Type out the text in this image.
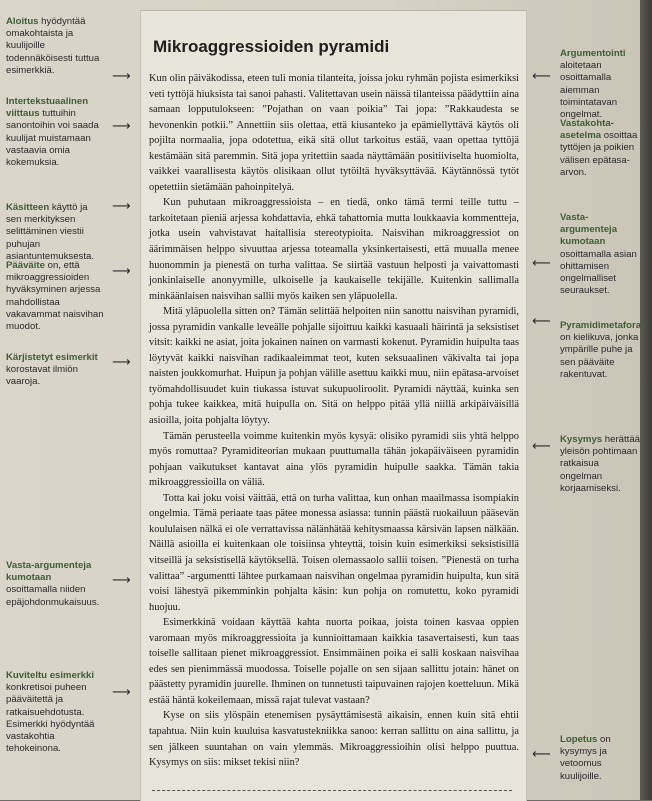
Aloitus hyödyntää omakohtaista ja kuulijoille todennäköisesti tuttua esimerkkiä.
Intertekstuaalinen viittaus tuttuihin sanontoihin voi saada kuulijat muistamaan vastaavia omia kokemuksia.
Käsitteen käyttö ja sen merkityksen selittäminen viestii puhujan asiantuntemuksesta.
Pääväite on, että mikroaggressioiden hyväksyminen arjessa mahdollistaa vakavammat naisvihan muodot.
Kärjistetyt esimerkit korostavat ilmiön vaaroja.
Vasta-argumenteja kumotaan osoittamalla niiden epäjohdonmukaisuus.
Kuviteltu esimerkki konkretisoi puheen pääväitettä ja ratkaisuehdotusta. Esimerkki hyödyntää vastakohtia tehokeinona.
⟶
⟶
⟶
⟶
⟶
⟶
⟶
Mikroaggressioiden pyramidi

Kun olin päiväkodissa, eteen tuli monia tilanteita, joissa joku ryhmän pojista esimerkiksi veti tyttöjä hiuksista tai sanoi pahasti. Valitettavan usein näissä tilanteissa päädyttiin aina samaan lopputulokseen: ”Pojathan on vaan poikia” Tai jopa: ”Rakkaudesta se hevonenkin potkii.” Annettiin siis olettaa, että kiusanteko ja epämiellyttävä käytös oli pojilta normaalia, jopa odotettua, eikä sitä ollut tarkoitus estää, vaan opettaa tyttöjä kestämään sitä paremmin. Sitä jopa yritettiin saada näyttämään positiiviselta huomiolta, vaikkei vaarallisesta käytös olisikaan ollut tytöiltä hyväksyttävää. Käytännössä tytöt opetettiin sietämään pahoinpitelyä.

Kun puhutaan mikroaggressioista – en tiedä, onko tämä termi teille tuttu – tarkoitetaan pieniä arjessa kohdattavia, ehkä tahattomia mutta loukkaavia kommentteja, jotka usein vahvistavat haitallisia stereotypioita. Naisvihan mikroaggressiot on äärimmäisen helppo sivuuttaa arjessa toteamalla yksinkertaisesti, että muualla menee huonommin ja pienestä on turha valittaa. Se siirtää vastuun helposti ja vaivattomasti jonkinlaiselle anonyymille, ulkoiselle ja kaukaiselle tekijälle. Kuitenkin sallimalla minkäänlaisen naisvihan sallii myös kaiken sen yläpuolella.

Mitä yläpuolella sitten on? Tämän selittää helpoiten niin sanottu naisvihan pyramidi, jossa pyramidin vankalle leveälle pohjalle sijoittuu kaikki kasuaali häirintä ja seksistiset vitsit: kaikki ne asiat, joita jokainen nainen on varmasti kokenut. Pyramidin huipulta taas löytyvät kaikki naisvihan radikaaleimmat teot, kuten seksuaalinen väkivalta tai jopa naisten joukkomurhat. Huipun ja pohjan välille asettuu kaikki muu, niin epätasa-arvoiset työmahdollisuudet kuin tiukassa istuvat sukupuoliroolit. Pyramidi näyttää, kuinka sen pohja tukee kaikkea, mitä huipulla on. Sitä on helppo pitää yllä niillä arkipäiväisillä asioilla, joita pohjalta löytyy.

Tämän perusteella voimme kuitenkin myös kysyä: olisiko pyramidi siis yhtä helppo myös romuttaa? Pyramiditeorian mukaan puuttumalla tähän jokapäiväiseen pyramidin pohjaan vaikutukset kantavat aina ylös pyramidin huipulle saakka. Tämän takia mikroaggressioilla on väliä.

Totta kai joku voisi väittää, että on turha valittaa, kun onhan maailmassa isompiakin ongelmia. Tämä periaate taas pätee monessa asiassa: tunnin päästä ruokailuun pääsevän koululaisen nälkä ei ole verrattavissa nälänhätää kehitysmaassa kärsivän lapsen nälkään. Näillä asioilla ei kuitenkaan ole toisiinsa yhteyttä, toisin kuin esimerkiksi seksistisillä vitseillä ja seksistisellä käytöksellä. Toisen olemassaolo sallii toisen. ”Pienestä on turha valittaa” -argumentti lähtee purkamaan naisvihan ongelmaa pyramidin huipulta, kun sitä voisi lähestyä pikemminkin pohjalta käsin: kun pohja on romutettu, koko pyramidi huojuu.

Esimerkkinä voidaan käyttää kahta nuorta poikaa, joista toinen kasvaa oppien varomaan myös mikroaggressioita ja kunnioittamaan kaikkia tasavertaisesti, kun taas toiselle sallitaan pienet mikroaggressiot. Ensimmäinen poika ei salli koskaan naisvihaa edes sen pienimmässä muodossa. Toiselle pojalle on sen sijaan sallittu jotain: hänet on päästetty pyramidin juurelle. Ihminen on tunnetusti taipuvainen rajojen koetteluun. Mikä estää häntä kokeilemaan, missä rajat tulevat vastaan?

Kyse on siis ylöspäin etenemisen pysäyttämisestä aikaisin, ennen kuin sitä ehtii tapahtua. Niin kuin kuuluisa kasvatustekniikka sanoo: kerran sallittu on aina sallittu, ja sen jälkeen suuntahan on vain ylemmäs. Mikroaggressioihin olisi helppo puuttua. Kysymys on siis: mikset tekisi niin?

⟵
⟵
⟵
⟵
⟵
Argumentointi aloitetaan osoittamalla aiemman toimintatavan ongelmat.
Vastakohta-asetelma osoittaa tyttöjen ja poikien välisen epätasa-arvon.
Vasta-argumenteja kumotaan osoittamalla asian ohittamisen ongelmalliset seuraukset.
Pyramidimetafora on kielikuva, jonka ympärille puhe ja sen pääväite rakentuvat.
Kysymys herättää yleisön pohtimaan ratkaisua ongelman korjaamiseksi.
Lopetus on kysymys ja vetoomus kuulijoille.
